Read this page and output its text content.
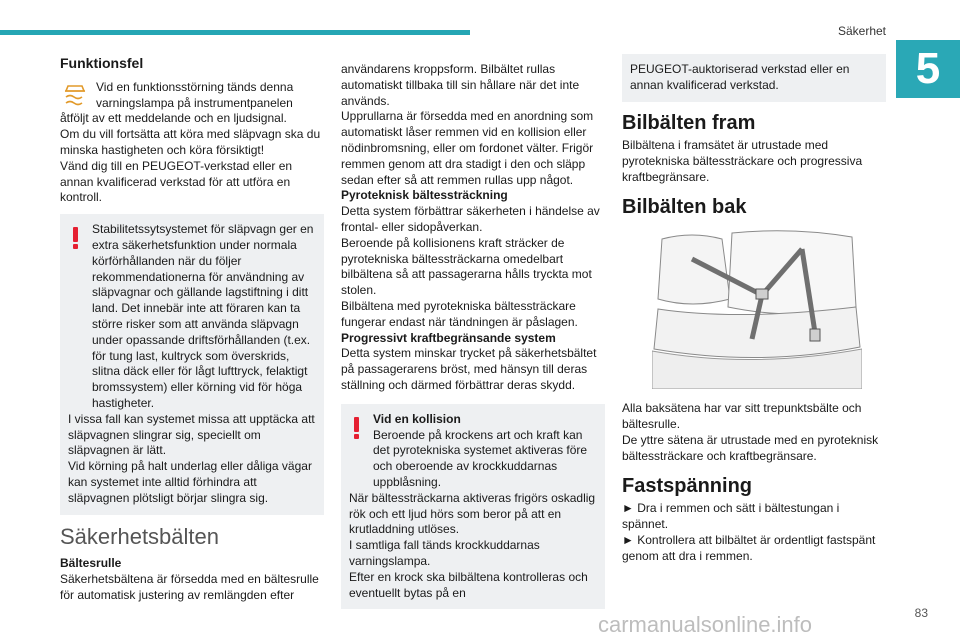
Säkerhet
5
83
carmanualsonline.info

Funktionsfel

Vid en funktionsstörning tänds denna varningslampa på instrumentpanelen åtföljt av ett meddelande och en ljudsignal.

Om du vill fortsätta att köra med släpvagn ska du minska hastigheten och köra försiktigt!

Vänd dig till en PEUGEOT-verkstad eller en annan kvalificerad verkstad för att utföra en kontroll.

Stabilitetssytsystemet för släpvagn ger en extra säkerhetsfunktion under normala körförhållanden när du följer rekommendationerna för användning av släpvagnar och gällande lagstiftning i ditt land. Det innebär inte att föraren kan ta större risker som att använda släpvagn under opassande driftsförhållanden (t.ex. för tung last, kultryck som överskrids, slitna däck eller för lågt lufttryck, felaktigt bromssystem) eller körning vid för höga hastigheter.

I vissa fall kan systemet missa att upptäcka att släpvagnen slingrar sig, speciellt om släpvagnen är lätt.

Vid körning på halt underlag eller dåliga vägar kan systemet inte alltid förhindra att släpvagnen plötsligt börjar slingra sig.

Säkerhetsbälten

Bältesrulle

Säkerhetsbältena är försedda med en bältesrulle för automatisk justering av remlängden efter

användarens kroppsform. Bilbältet rullas automatiskt tillbaka till sin hållare när det inte används.

Upprullarna är försedda med en anordning som automatiskt låser remmen vid en kollision eller nödinbromsning, eller om fordonet välter. Frigör remmen genom att dra stadigt i den och släpp sedan efter så att remmen rullas upp något.

Pyroteknisk bältessträckning

Detta system förbättrar säkerheten i händelse av frontal- eller sidopåverkan.

Beroende på kollisionens kraft sträcker de pyrotekniska bältessträckarna omedelbart bilbältena så att passagerarna hålls tryckta mot stolen.

Bilbältena med pyrotekniska bältessträckare fungerar endast när tändningen är påslagen.

Progressivt kraftbegränsande system

Detta system minskar trycket på säkerhetsbältet på passagerarens bröst, med hänsyn till deras ställning och därmed förbättrar deras skydd.

Vid en kollision

Beroende på krockens art och kraft kan det pyrotekniska systemet aktiveras före och oberoende av krockkuddarnas uppblåsning.

När bältessträckarna aktiveras frigörs oskadlig rök och ett ljud hörs som beror på att en krutladdning utlöses.

I samtliga fall tänds krockkuddarnas varningslampa.

Efter en krock ska bilbältena kontrolleras och eventuellt bytas på en

PEUGEOT-auktoriserad verkstad eller en annan kvalificerad verkstad.

Bilbälten fram

Bilbältena i framsätet är utrustade med pyrotekniska bältessträckare och progressiva kraftbegränsare.

Bilbälten bak

Alla baksätena har var sitt trepunktsbälte och bältesrulle.

De yttre sätena är utrustade med en pyroteknisk bältessträckare och kraftbegränsare.

Fastspänning

► Dra i remmen och sätt i bältestungan i spännet.

► Kontrollera att bilbältet är ordentligt fastspänt genom att dra i remmen.
